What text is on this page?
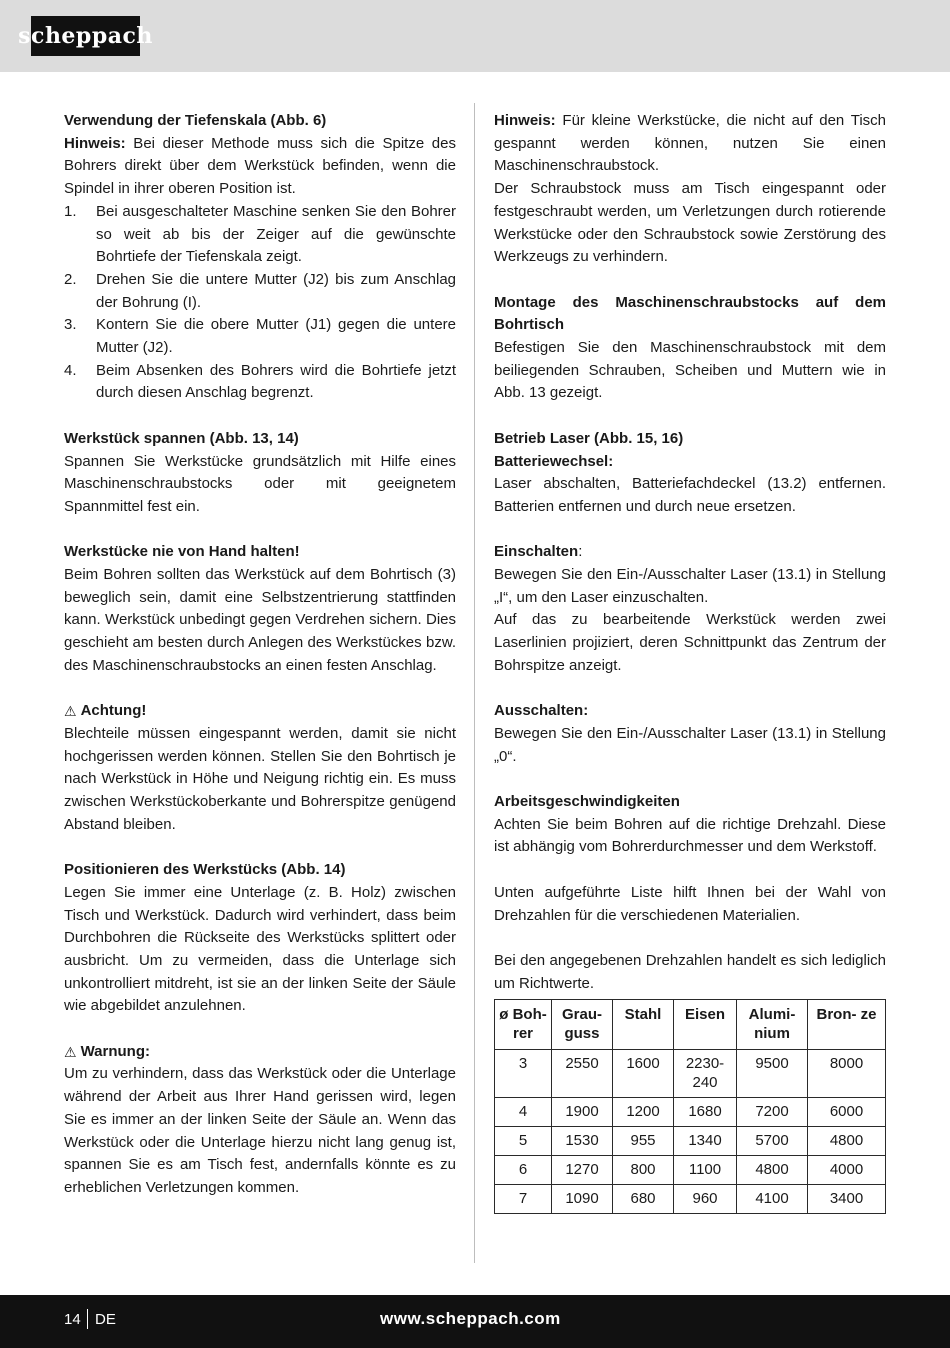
scheppach

Verwendung der Tiefenskala (Abb. 6)

Hinweis: Bei dieser Methode muss sich die Spitze des Bohrers direkt über dem Werkstück befinden, wenn die Spindel in ihrer oberen Position ist.

1. Bei ausgeschalteter Maschine senken Sie den Bohrer so weit ab bis der Zeiger auf die gewünschte Bohrtiefe der Tiefenskala zeigt.
2. Drehen Sie die untere Mutter (J2) bis zum Anschlag der Bohrung (I).
3. Kontern Sie die obere Mutter (J1) gegen die untere Mutter (J2).
4. Beim Absenken des Bohrers wird die Bohrtiefe jetzt durch diesen Anschlag begrenzt.

Werkstück spannen (Abb. 13, 14)

Spannen Sie Werkstücke grundsätzlich mit Hilfe eines Maschinenschraubstocks oder mit geeignetem Spannmittel fest ein.

Werkstücke nie von Hand halten!

Beim Bohren sollten das Werkstück auf dem Bohrtisch (3) beweglich sein, damit eine Selbstzentrierung stattfinden kann. Werkstück unbedingt gegen Verdrehen sichern. Dies geschieht am besten durch Anlegen des Werkstückes bzw. des Maschinenschraubstocks an einen festen Anschlag.

⚠ Achtung!

Blechteile müssen eingespannt werden, damit sie nicht hochgerissen werden können. Stellen Sie den Bohrtisch je nach Werkstück in Höhe und Neigung richtig ein. Es muss zwischen Werkstückoberkante und Bohrerspitze genügend Abstand bleiben.

Positionieren des Werkstücks (Abb. 14)

Legen Sie immer eine Unterlage (z. B. Holz) zwischen Tisch und Werkstück. Dadurch wird verhindert, dass beim Durchbohren die Rückseite des Werkstücks splittert oder ausbricht. Um zu vermeiden, dass die Unterlage sich unkontrolliert mitdreht, ist sie an der linken Seite der Säule wie abgebildet anzulehnen.

⚠ Warnung:

Um zu verhindern, dass das Werkstück oder die Unterlage während der Arbeit aus Ihrer Hand gerissen wird, legen Sie es immer an der linken Seite der Säule an. Wenn das Werkstück oder die Unterlage hierzu nicht lang genug ist, spannen Sie es am Tisch fest, andernfalls könnte es zu erheblichen Verletzungen kommen.

Hinweis: Für kleine Werkstücke, die nicht auf den Tisch gespannt werden können, nutzen Sie einen Maschinenschraubstock.

Der Schraubstock muss am Tisch eingespannt oder festgeschraubt werden, um Verletzungen durch rotierende Werkstücke oder den Schraubstock sowie Zerstörung des Werkzeugs zu verhindern.

Montage des Maschinenschraubstocks auf dem Bohrtisch

Befestigen Sie den Maschinenschraubstock mit dem beiliegenden Schrauben, Scheiben und Muttern wie in Abb. 13 gezeigt.

Betrieb Laser (Abb. 15, 16)

Batteriewechsel:

Laser abschalten, Batteriefachdeckel (13.2) entfernen. Batterien entfernen und durch neue ersetzen.

Einschalten:

Bewegen Sie den Ein-/Ausschalter Laser (13.1) in Stellung „I“, um den Laser einzuschalten.

Auf das zu bearbeitende Werkstück werden zwei Laserlinien projiziert, deren Schnittpunkt das Zentrum der Bohrspitze anzeigt.

Ausschalten:

Bewegen Sie den Ein-/Ausschalter Laser (13.1) in Stellung „0“.

Arbeitsgeschwindigkeiten

Achten Sie beim Bohren auf die richtige Drehzahl. Diese ist abhängig vom Bohrerdurchmesser und dem Werkstoff.

Unten aufgeführte Liste hilft Ihnen bei der Wahl von Drehzahlen für die verschiedenen Materialien.

Bei den angegebenen Drehzahlen handelt es sich lediglich um Richtwerte.

ø Boh- rer	Grau- guss	Stahl	Eisen	Alumi- nium	Bron- ze
3	2550	1600	2230- 240	9500	8000
4	1900	1200	1680	7200	6000
5	1530	955	1340	5700	4800
6	1270	800	1100	4800	4000
7	1090	680	960	4100	3400
14 DE	www.scheppach.com
